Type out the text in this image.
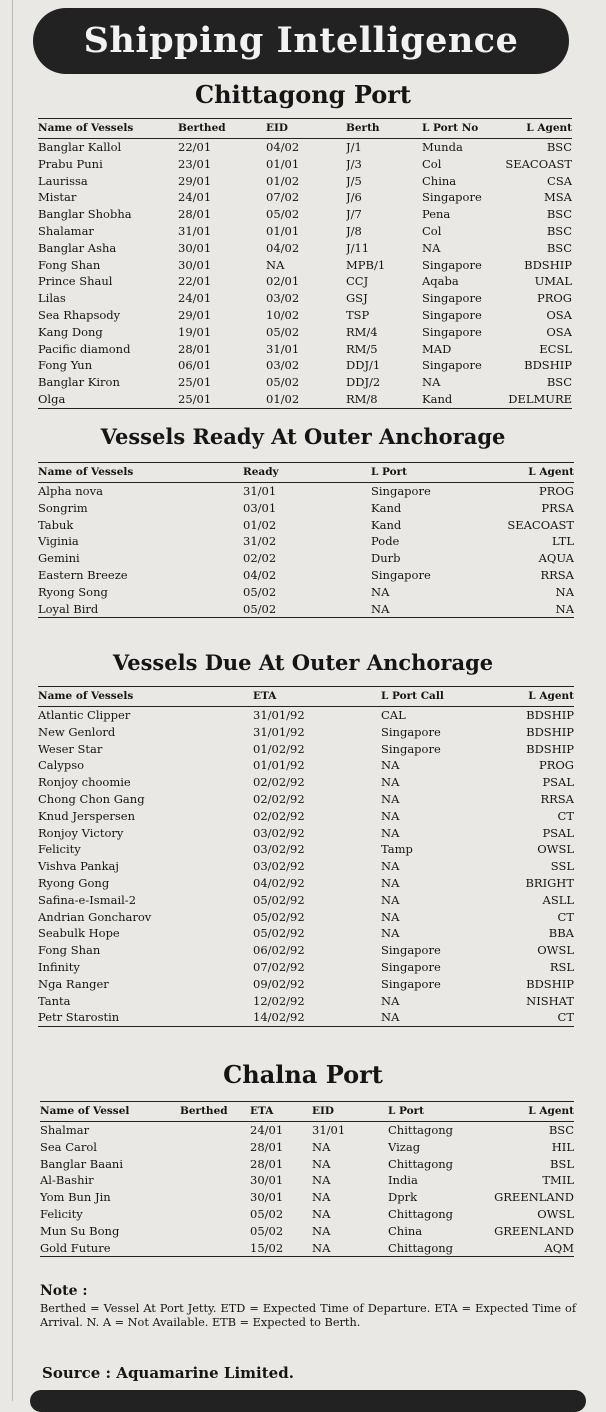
Shipping Intelligence
Chittagong Port
Name of Vessels	Berthed	EID	Berth	L Port No	L Agent
Banglar Kallol	22/01	04/02	J/1	Munda	BSC
Prabu Puni	23/01	01/01	J/3	Col	SEACOAST
Laurissa	29/01	01/02	J/5	China	CSA
Mistar	24/01	07/02	J/6	Singapore	MSA
Banglar Shobha	28/01	05/02	J/7	Pena	BSC
Shalamar	31/01	01/01	J/8	Col	BSC
Banglar Asha	30/01	04/02	J/11	NA	BSC
Fong Shan	30/01	NA	MPB/1	Singapore	BDSHIP
Prince Shaul	22/01	02/01	CCJ	Aqaba	UMAL
Lilas	24/01	03/02	GSJ	Singapore	PROG
Sea Rhapsody	29/01	10/02	TSP	Singapore	OSA
Kang Dong	19/01	05/02	RM/4	Singapore	OSA
Pacific diamond	28/01	31/01	RM/5	MAD	ECSL
Fong Yun	06/01	03/02	DDJ/1	Singapore	BDSHIP
Banglar Kiron	25/01	05/02	DDJ/2	NA	BSC
Olga	25/01	01/02	RM/8	Kand	DELMURE
Vessels Ready At Outer Anchorage
Name of Vessels	Ready	L Port	L Agent
Alpha nova	31/01	Singapore	PROG
Songrim	03/01	Kand	PRSA
Tabuk	01/02	Kand	SEACOAST
Viginia	31/02	Pode	LTL
Gemini	02/02	Durb	AQUA
Eastern Breeze	04/02	Singapore	RRSA
Ryong Song	05/02	NA	NA
Loyal Bird	05/02	NA	NA
Vessels Due At Outer Anchorage
Name of Vessels	ETA	L Port Call	L Agent
Atlantic Clipper	31/01/92	CAL	BDSHIP
New Genlord	31/01/92	Singapore	BDSHIP
Weser Star	01/02/92	Singapore	BDSHIP
Calypso	01/01/92	NA	PROG
Ronjoy choomie	02/02/92	NA	PSAL
Chong Chon Gang	02/02/92	NA	RRSA
Knud Jerspersen	02/02/92	NA	CT
Ronjoy Victory	03/02/92	NA	PSAL
Felicity	03/02/92	Tamp	OWSL
Vishva Pankaj	03/02/92	NA	SSL
Ryong Gong	04/02/92	NA	BRIGHT
Safina-e-Ismail-2	05/02/92	NA	ASLL
Andrian Goncharov	05/02/92	NA	CT
Seabulk Hope	05/02/92	NA	BBA
Fong Shan	06/02/92	Singapore	OWSL
Infinity	07/02/92	Singapore	RSL
Nga Ranger	09/02/92	Singapore	BDSHIP
Tanta	12/02/92	NA	NISHAT
Petr Starostin	14/02/92	NA	CT
Chalna Port
Name of Vessel	Berthed	ETA	EID	L Port	L Agent
Shalmar		24/01	31/01	Chittagong	BSC
Sea Carol		28/01	NA	Vizag	HIL
Banglar Baani		28/01	NA	Chittagong	BSL
Al-Bashir		30/01	NA	India	TMIL
Yom Bun Jin		30/01	NA	Dprk	GREENLAND
Felicity		05/02	NA	Chittagong	OWSL
Mun Su Bong		05/02	NA	China	GREENLAND
Gold Future		15/02	NA	Chittagong	AQM
Note :
Berthed = Vessel At Port Jetty. ETD = Expected Time of Departure. ETA = Expected Time of Arrival. N. A = Not Available. ETB = Expected to Berth.
Source : Aquamarine Limited.
